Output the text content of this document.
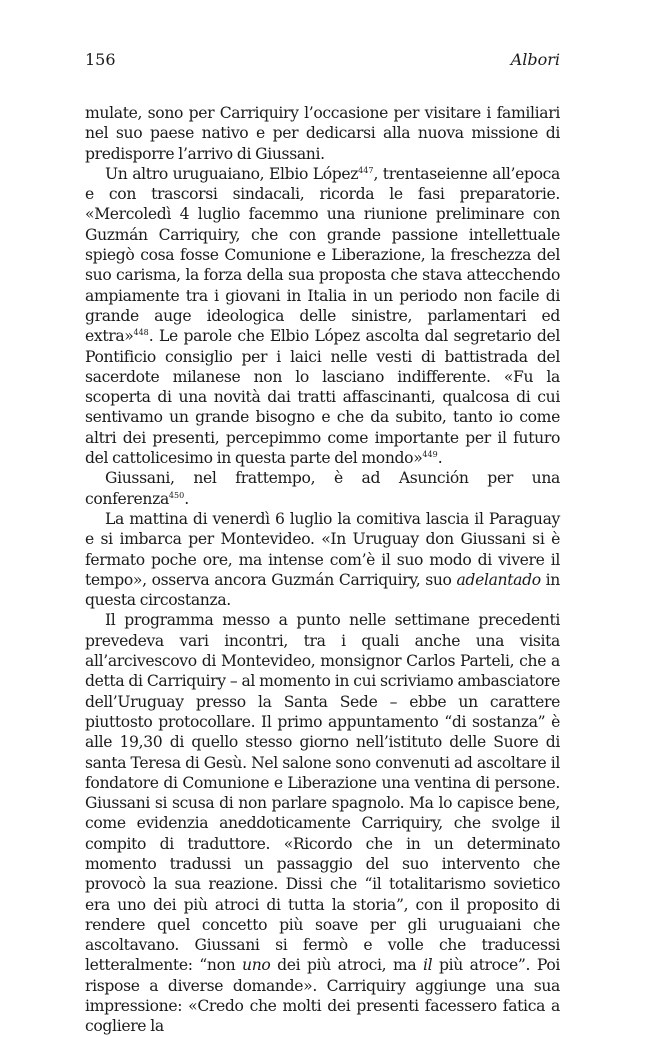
156	Albori

mulate, sono per Carriquiry l’occasione per visitare i familiari nel suo paese nativo e per dedicarsi alla nuova missione di predisporre l’arrivo di Giussani.

Un altro uruguaiano, Elbio López$^{447}$, trentaseienne all’epoca e con trascorsi sindacali, ricorda le fasi preparatorie. «Mercoledì 4 luglio facemmo una riunione preliminare con Guzmán Carriquiry, che con grande passione intellettuale spiegò cosa fosse Comunione e Liberazione, la freschezza del suo carisma, la forza della sua proposta che stava attecchendo ampiamente tra i giovani in Italia in un periodo non facile di grande auge ideologica delle sinistre, parlamentari ed extra»$^{448}$. Le parole che Elbio López ascolta dal segretario del Pontificio consiglio per i laici nelle vesti di battistrada del sacerdote milanese non lo lasciano indifferente. «Fu la scoperta di una novità dai tratti affascinanti, qualcosa di cui sentivamo un grande bisogno e che da subito, tanto io come altri dei presenti, percepimmo come importante per il futuro del cattolicesimo in questa parte del mondo»$^{449}$.

Giussani, nel frattempo, è ad Asunción per una conferenza$^{450}$.

La mattina di venerdì 6 luglio la comitiva lascia il Paraguay e si imbarca per Montevideo. «In Uruguay don Giussani si è fermato poche ore, ma intense com’è il suo modo di vivere il tempo», osserva ancora Guzmán Carriquiry, suo adelantado in questa circostanza.

Il programma messo a punto nelle settimane precedenti prevedeva vari incontri, tra i quali anche una visita all’arcivescovo di Montevideo, monsignor Carlos Parteli, che a detta di Carriquiry – al momento in cui scriviamo ambasciatore dell’Uruguay presso la Santa Sede – ebbe un carattere piuttosto protocollare. Il primo appuntamento “di sostanza” è alle 19,30 di quello stesso giorno nell’istituto delle Suore di santa Teresa di Gesù. Nel salone sono convenuti ad ascoltare il fondatore di Comunione e Liberazione una ventina di persone. Giussani si scusa di non parlare spagnolo. Ma lo capisce bene, come evidenzia aneddoticamente Carriquiry, che svolge il compito di traduttore. «Ricordo che in un determinato momento tradussi un passaggio del suo intervento che provocò la sua reazione. Dissi che “il totalitarismo sovietico era uno dei più atroci di tutta la storia”, con il proposito di rendere quel concetto più soave per gli uruguaiani che ascoltavano. Giussani si fermò e volle che traducessi letteralmente: “non uno dei più atroci, ma il più atroce”. Poi rispose a diverse domande». Carriquiry aggiunge una sua impressione: «Credo che molti dei presenti facessero fatica a cogliere la
